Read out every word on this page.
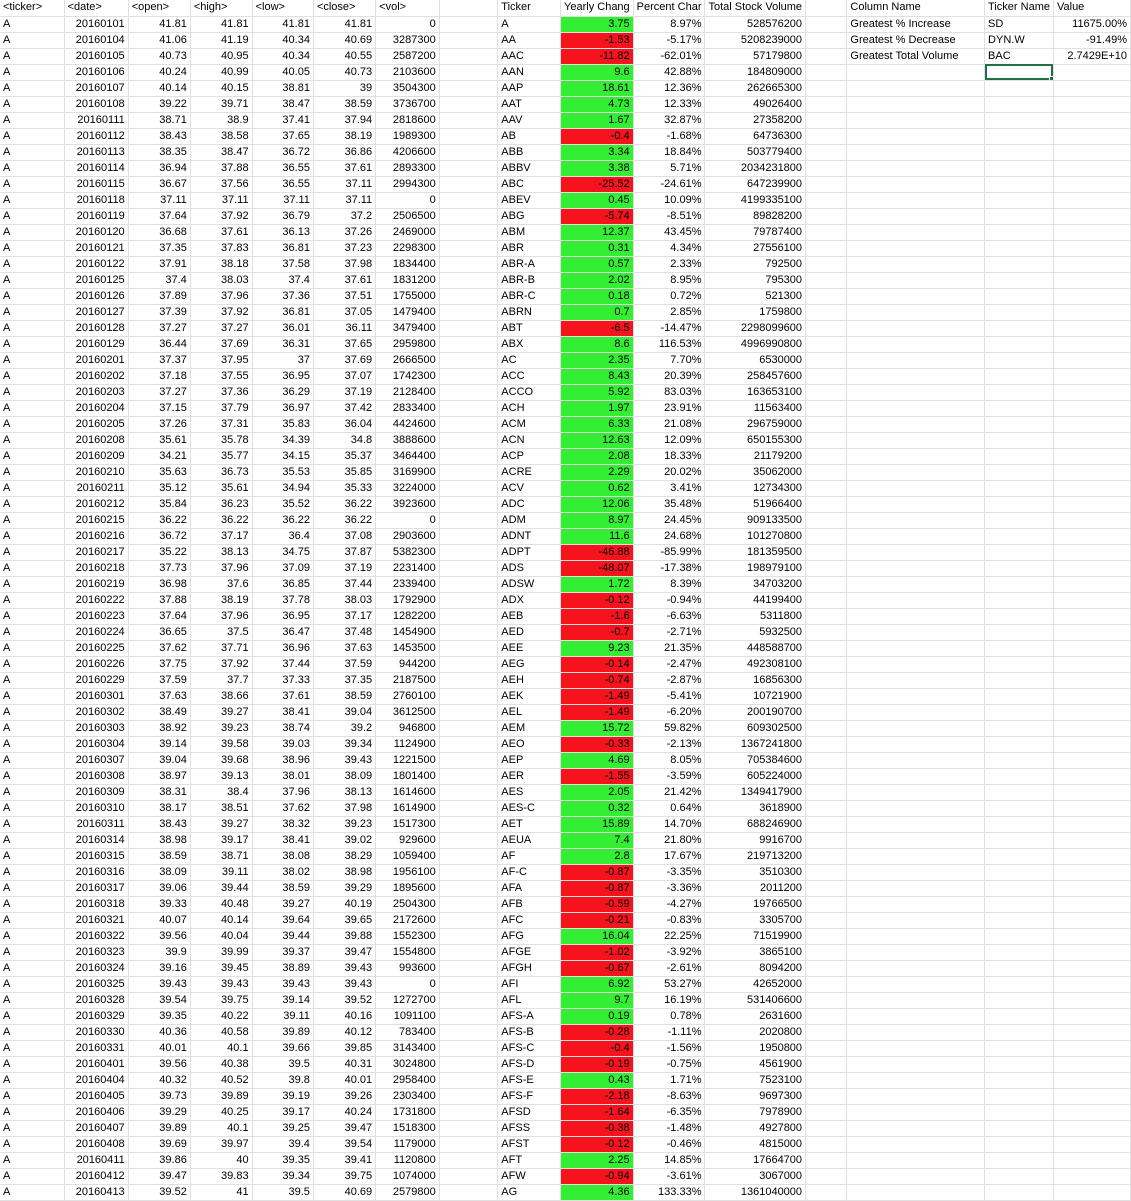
<ticker>	<date>	<open>	<high>	<low>	<close>	<vol>		Ticker	Yearly Chang	Percent Char	Total Stock Volume		Column Name	Ticker Name	Value
A	20160101	41.81	41.81	41.81	41.81	0		A	3.75	8.97%	528576200		Greatest % Increase	SD	11675.00%
A	20160104	41.06	41.19	40.34	40.69	3287300		AA	-1.53	-5.17%	5208239000		Greatest % Decrease	DYN.W	-91.49%
A	20160105	40.73	40.95	40.34	40.55	2587200		AAC	-11.82	-62.01%	57179800		Greatest Total Volume	BAC	2.7429E+10
A	20160106	40.24	40.99	40.05	40.73	2103600		AAN	9.6	42.88%	184809000				
A	20160107	40.14	40.15	38.81	39	3504300		AAP	18.61	12.36%	262665300				
A	20160108	39.22	39.71	38.47	38.59	3736700		AAT	4.73	12.33%	49026400				
A	20160111	38.71	38.9	37.41	37.94	2818600		AAV	1.67	32.87%	27358200				
A	20160112	38.43	38.58	37.65	38.19	1989300		AB	-0.4	-1.68%	64736300				
A	20160113	38.35	38.47	36.72	36.86	4206600		ABB	3.34	18.84%	503779400				
A	20160114	36.94	37.88	36.55	37.61	2893300		ABBV	3.38	5.71%	2034231800				
A	20160115	36.67	37.56	36.55	37.11	2994300		ABC	-25.52	-24.61%	647239900				
A	20160118	37.11	37.11	37.11	37.11	0		ABEV	0.45	10.09%	4199335100				
A	20160119	37.64	37.92	36.79	37.2	2506500		ABG	-5.74	-8.51%	89828200				
A	20160120	36.68	37.61	36.13	37.26	2469000		ABM	12.37	43.45%	79787400				
A	20160121	37.35	37.83	36.81	37.23	2298300		ABR	0.31	4.34%	27556100				
A	20160122	37.91	38.18	37.58	37.98	1834400		ABR-A	0.57	2.33%	792500				
A	20160125	37.4	38.03	37.4	37.61	1831200		ABR-B	2.02	8.95%	795300				
A	20160126	37.89	37.96	37.36	37.51	1755000		ABR-C	0.18	0.72%	521300				
A	20160127	37.39	37.92	36.81	37.05	1479400		ABRN	0.7	2.85%	1759800				
A	20160128	37.27	37.27	36.01	36.11	3479400		ABT	-6.5	-14.47%	2298099600				
A	20160129	36.44	37.69	36.31	37.65	2959800		ABX	8.6	116.53%	4996990800				
A	20160201	37.37	37.95	37	37.69	2666500		AC	2.35	7.70%	6530000				
A	20160202	37.18	37.55	36.95	37.07	1742300		ACC	8.43	20.39%	258457600				
A	20160203	37.27	37.36	36.29	37.19	2128400		ACCO	5.92	83.03%	163653100				
A	20160204	37.15	37.79	36.97	37.42	2833400		ACH	1.97	23.91%	11563400				
A	20160205	37.26	37.31	35.83	36.04	4424600		ACM	6.33	21.08%	296759000				
A	20160208	35.61	35.78	34.39	34.8	3888600		ACN	12.63	12.09%	650155300				
A	20160209	34.21	35.77	34.15	35.37	3464400		ACP	2.08	18.33%	21179200				
A	20160210	35.63	36.73	35.53	35.85	3169900		ACRE	2.29	20.02%	35062000				
A	20160211	35.12	35.61	34.94	35.33	3224000		ACV	0.62	3.41%	12734300				
A	20160212	35.84	36.23	35.52	36.22	3923600		ADC	12.06	35.48%	51966400				
A	20160215	36.22	36.22	36.22	36.22	0		ADM	8.97	24.45%	909133500				
A	20160216	36.72	37.17	36.4	37.08	2903600		ADNT	11.6	24.68%	101270800				
A	20160217	35.22	38.13	34.75	37.87	5382300		ADPT	-46.88	-85.99%	181359500				
A	20160218	37.73	37.96	37.09	37.19	2231400		ADS	-48.07	-17.38%	198979100				
A	20160219	36.98	37.6	36.85	37.44	2339400		ADSW	1.72	8.39%	34703200				
A	20160222	37.88	38.19	37.78	38.03	1792900		ADX	-0.12	-0.94%	44199400				
A	20160223	37.64	37.96	36.95	37.17	1282200		AEB	-1.6	-6.63%	5311800				
A	20160224	36.65	37.5	36.47	37.48	1454900		AED	-0.7	-2.71%	5932500				
A	20160225	37.62	37.71	36.96	37.63	1453500		AEE	9.23	21.35%	448588700				
A	20160226	37.75	37.92	37.44	37.59	944200		AEG	-0.14	-2.47%	492308100				
A	20160229	37.59	37.7	37.33	37.35	2187500		AEH	-0.74	-2.87%	16856300				
A	20160301	37.63	38.66	37.61	38.59	2760100		AEK	-1.49	-5.41%	10721900				
A	20160302	38.49	39.27	38.41	39.04	3612500		AEL	-1.49	-6.20%	200190700				
A	20160303	38.92	39.23	38.74	39.2	946800		AEM	15.72	59.82%	609302500				
A	20160304	39.14	39.58	39.03	39.34	1124900		AEO	-0.33	-2.13%	1367241800				
A	20160307	39.04	39.68	38.96	39.43	1221500		AEP	4.69	8.05%	705384600				
A	20160308	38.97	39.13	38.01	38.09	1801400		AER	-1.55	-3.59%	605224000				
A	20160309	38.31	38.4	37.96	38.13	1614600		AES	2.05	21.42%	1349417900				
A	20160310	38.17	38.51	37.62	37.98	1614900		AES-C	0.32	0.64%	3618900				
A	20160311	38.43	39.27	38.32	39.23	1517300		AET	15.89	14.70%	688246900				
A	20160314	38.98	39.17	38.41	39.02	929600		AEUA	7.4	21.80%	9916700				
A	20160315	38.59	38.71	38.08	38.29	1059400		AF	2.8	17.67%	219713200				
A	20160316	38.09	39.11	38.02	38.98	1956100		AF-C	-0.87	-3.35%	3510300				
A	20160317	39.06	39.44	38.59	39.29	1895600		AFA	-0.87	-3.36%	2011200				
A	20160318	39.33	40.48	39.27	40.19	2504300		AFB	-0.59	-4.27%	19766500				
A	20160321	40.07	40.14	39.64	39.65	2172600		AFC	-0.21	-0.83%	3305700				
A	20160322	39.56	40.04	39.44	39.88	1552300		AFG	16.04	22.25%	71519900				
A	20160323	39.9	39.99	39.37	39.47	1554800		AFGE	-1.02	-3.92%	3865100				
A	20160324	39.16	39.45	38.89	39.43	993600		AFGH	-0.67	-2.61%	8094200				
A	20160325	39.43	39.43	39.43	39.43	0		AFI	6.92	53.27%	42652000				
A	20160328	39.54	39.75	39.14	39.52	1272700		AFL	9.7	16.19%	531406600				
A	20160329	39.35	40.22	39.11	40.16	1091100		AFS-A	0.19	0.78%	2631600				
A	20160330	40.36	40.58	39.89	40.12	783400		AFS-B	-0.28	-1.11%	2020800				
A	20160331	40.01	40.1	39.66	39.85	3143400		AFS-C	-0.4	-1.56%	1950800				
A	20160401	39.56	40.38	39.5	40.31	3024800		AFS-D	-0.19	-0.75%	4561900				
A	20160404	40.32	40.52	39.8	40.01	2958400		AFS-E	0.43	1.71%	7523100				
A	20160405	39.73	39.89	39.19	39.26	2303400		AFS-F	-2.18	-8.63%	9697300				
A	20160406	39.29	40.25	39.17	40.24	1731800		AFSD	-1.64	-6.35%	7978900				
A	20160407	39.89	40.1	39.25	39.47	1518300		AFSS	-0.38	-1.48%	4927800				
A	20160408	39.69	39.97	39.4	39.54	1179000		AFST	-0.12	-0.46%	4815000				
A	20160411	39.86	40	39.35	39.41	1120800		AFT	2.25	14.85%	17664700				
A	20160412	39.47	39.83	39.34	39.75	1074000		AFW	-0.94	-3.61%	3067000				
A	20160413	39.52	41	39.5	40.69	2579800		AG	4.36	133.33%	1361040000				
